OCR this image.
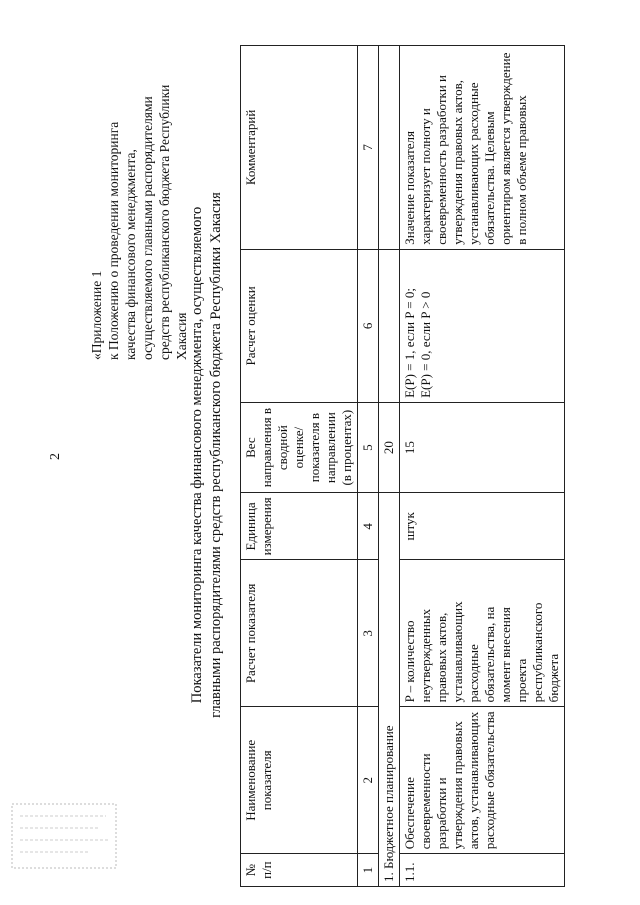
2
«Приложение 1 к Положению о проведении мониторинга качества финансового менеджмента, осуществляемого главными распорядителями средств республиканского бюджета Республики Хакасия Показатели мониторинга качества финансового менеджмента, осуществляемого главными распорядителями средств республиканского бюджета Республики Хакасия
№ п/п	Наименование показателя	Расчет показателя	Единица измерения	Вес направления в сводной оценке/ показателя в направлении (в процентах)	Расчет оценки	Комментарий
1	2	3	4	5	6	7
1. Бюджетное планирование				20		
1.1.	Обеспечение своевременности разработки и утверждения правовых актов, устанавливающих расходные обязательства	P – количество неутвержденных правовых актов, устанавливающих расходные обязательства, на момент внесения проекта республиканского бюджета	штук	15	E(P) = 1, если P = 0; E(P) = 0, если P > 0	Значение показателя характеризует полноту и своевременность разработки и утверждения правовых актов, устанавливающих расходные обязательства. Целевым ориентиром является утверждение в полном объеме правовых
